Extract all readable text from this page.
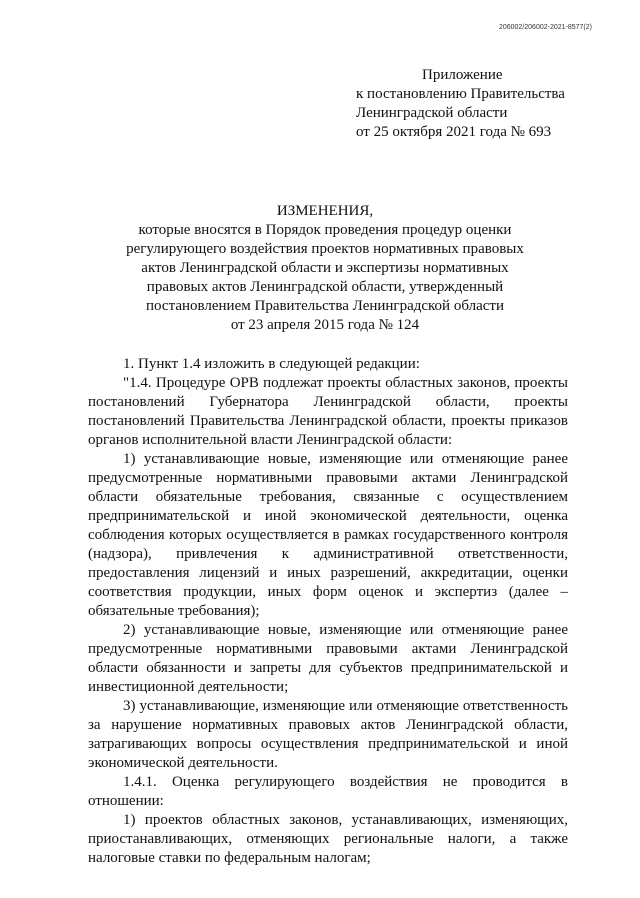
206002/206002-2021-8577(2)
Приложение
к постановлению Правительства
Ленинградской области
от 25 октября 2021 года № 693
ИЗМЕНЕНИЯ,
которые вносятся в Порядок проведения процедур оценки
регулирующего воздействия проектов нормативных правовых
актов Ленинградской области и экспертизы нормативных
правовых актов Ленинградской области, утвержденный
постановлением Правительства Ленинградской области
от 23 апреля 2015 года № 124

1. Пункт 1.4 изложить в следующей редакции:

"1.4. Процедуре ОРВ подлежат проекты областных законов, проекты постановлений Губернатора Ленинградской области, проекты постановлений Правительства Ленинградской области, проекты приказов органов исполнительной власти Ленинградской области:

1) устанавливающие новые, изменяющие или отменяющие ранее предусмотренные нормативными правовыми актами Ленинградской области обязательные требования, связанные с осуществлением предпринимательской и иной экономической деятельности, оценка соблюдения которых осуществляется в рамках государственного контроля (надзора), привлечения к административной ответственности, предоставления лицензий и иных разрешений, аккредитации, оценки соответствия продукции, иных форм оценок и экспертиз (далее – обязательные требования);

2) устанавливающие новые, изменяющие или отменяющие ранее предусмотренные нормативными правовыми актами Ленинградской области обязанности и запреты для субъектов предпринимательской и инвестиционной деятельности;

3) устанавливающие, изменяющие или отменяющие ответственность за нарушение нормативных правовых актов Ленинградской области, затрагивающих вопросы осуществления предпринимательской и иной экономической деятельности.

1.4.1. Оценка регулирующего воздействия не проводится в отношении:

1) проектов областных законов, устанавливающих, изменяющих, приостанавливающих, отменяющих региональные налоги, а также налоговые ставки по федеральным налогам;
